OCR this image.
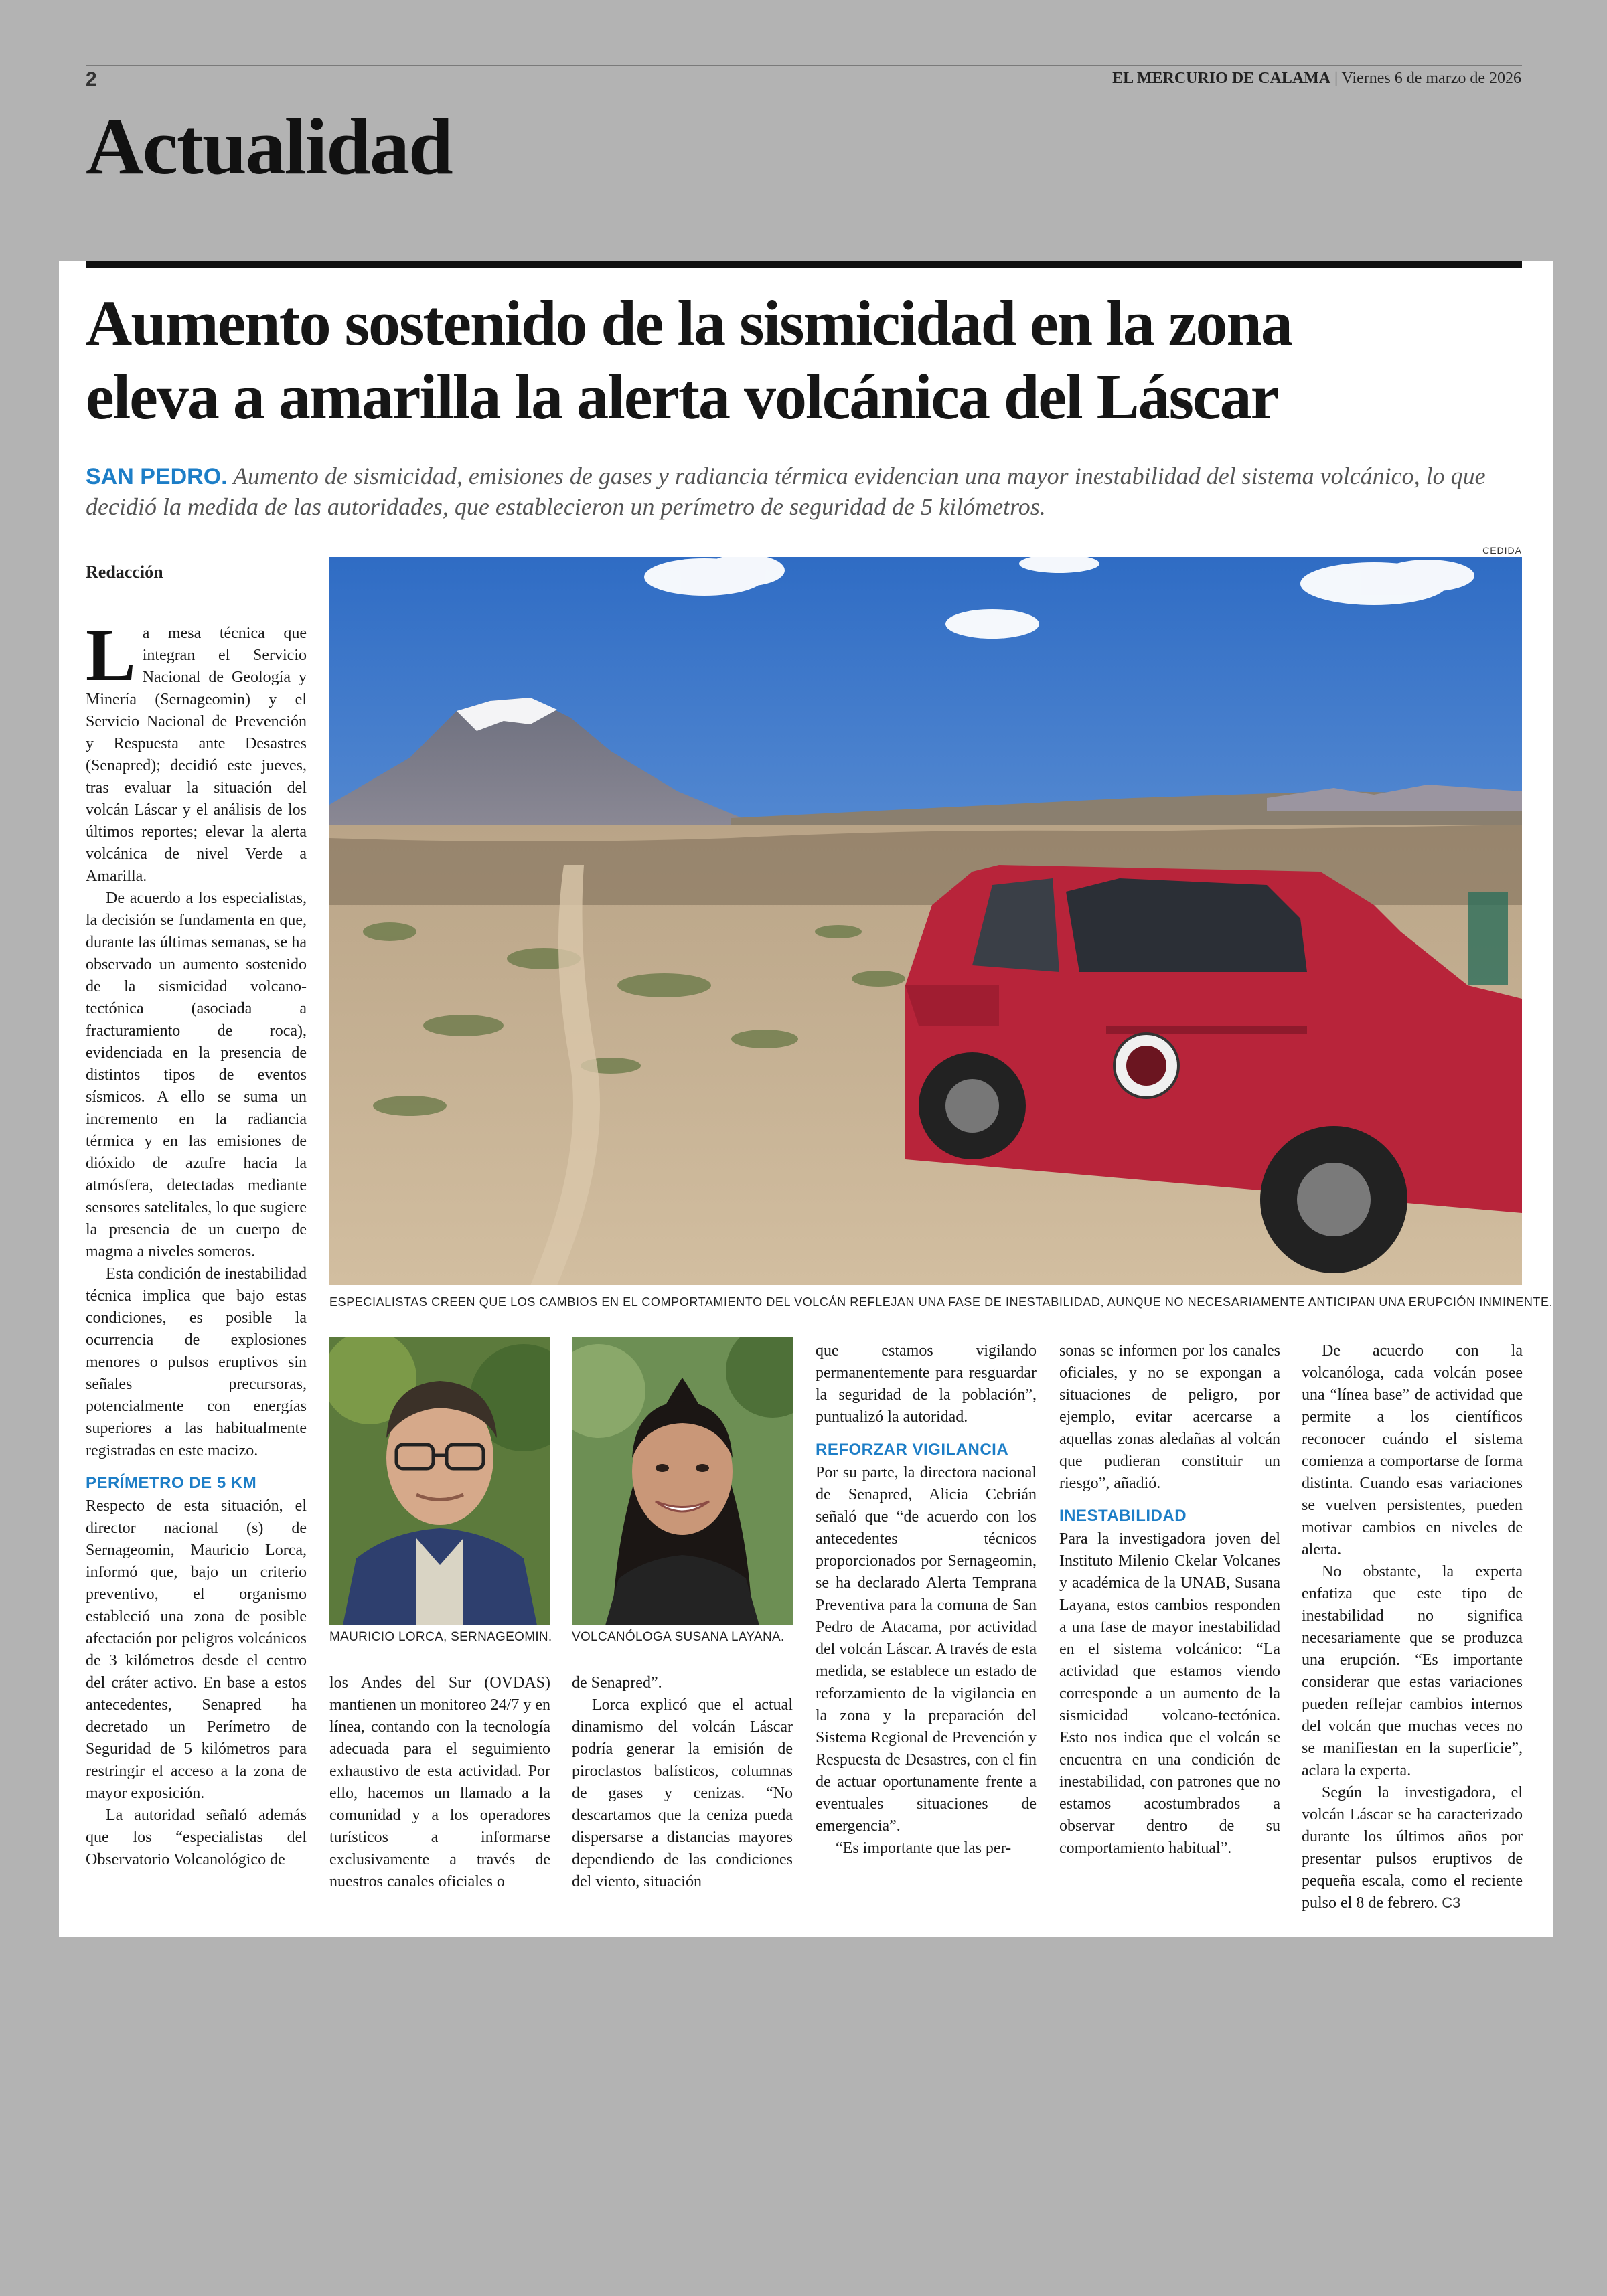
2	EL MERCURIO DE CALAMA | Viernes 6 de marzo de 2026
Actualidad
Aumento sostenido de la sismicidad en la zona
eleva a amarilla la alerta volcánica del Láscar
SAN PEDRO. Aumento de sismicidad, emisiones de gases y radiancia térmica evidencian una mayor inestabilidad del sistema volcánico, lo que decidió la medida de las autoridades, que establecieron un perímetro de seguridad de 5 kilómetros.
Redacción
CEDIDA
ESPECIALISTAS CREEN QUE LOS CAMBIOS EN EL COMPORTAMIENTO DEL VOLCÁN REFLEJAN UNA FASE DE INESTABILIDAD, AUNQUE NO NECESARIAMENTE ANTICIPAN UNA ERUPCIÓN INMINENTE.

La mesa técnica que integran el Servicio Nacional de Geología y Minería (Sernageomin) y el Servicio Nacional de Prevención y Respuesta ante Desastres (Senapred); decidió este jueves, tras evaluar la situación del volcán Láscar y el análisis de los últimos reportes; elevar la alerta volcánica de nivel Verde a Amarilla.

De acuerdo a los especialistas, la decisión se fundamenta en que, durante las últimas semanas, se ha observado un aumento sostenido de la sismicidad volcano-tectónica (asociada a fracturamiento de roca), evidenciada en la presencia de distintos tipos de eventos sísmicos. A ello se suma un incremento en la radiancia térmica y en las emisiones de dióxido de azufre hacia la atmósfera, detectadas mediante sensores satelitales, lo que sugiere la presencia de un cuerpo de magma a niveles someros.

Esta condición de inestabilidad técnica implica que bajo estas condiciones, es posible la ocurrencia de explosiones menores o pulsos eruptivos sin señales precursoras, potencialmente con energías superiores a las habitualmente registradas en este macizo.

PERÍMETRO DE 5 KM

Respecto de esta situación, el director nacional (s) de Sernageomin, Mauricio Lorca, informó que, bajo un criterio preventivo, el organismo estableció una zona de posible afectación por peligros volcánicos de 3 kilómetros desde el centro del cráter activo. En base a estos antecedentes, Senapred ha decretado un Perímetro de Seguridad de 5 kilómetros para restringir el acceso a la zona de mayor exposición.

La autoridad señaló además que los “especialistas del Observatorio Volcanológico de

MAURICIO LORCA, SERNAGEOMIN. VOLCANÓLOGA SUSANA LAYANA.

los Andes del Sur (OVDAS) mantienen un monitoreo 24/7 y en línea, contando con la tecnología adecuada para el seguimiento exhaustivo de esta actividad. Por ello, hacemos un llamado a la comunidad y a los operadores turísticos a informarse exclusivamente a través de nuestros canales oficiales o

de Senapred”.

Lorca explicó que el actual dinamismo del volcán Láscar podría generar la emisión de piroclastos balísticos, columnas de gases y cenizas. “No descartamos que la ceniza pueda dispersarse a distancias mayores dependiendo de las condiciones del viento, situación

que estamos vigilando permanentemente para resguardar la seguridad de la población”, puntualizó la autoridad.

REFORZAR VIGILANCIA

Por su parte, la directora nacional de Senapred, Alicia Cebrián señaló que “de acuerdo con los antecedentes técnicos proporcionados por Sernageomin, se ha declarado Alerta Temprana Preventiva para la comuna de San Pedro de Atacama, por actividad del volcán Láscar. A través de esta medida, se establece un estado de reforzamiento de la vigilancia en la zona y la preparación del Sistema Regional de Prevención y Respuesta de Desastres, con el fin de actuar oportunamente frente a eventuales situaciones de emergencia”.

“Es importante que las per-

sonas se informen por los canales oficiales, y no se expongan a situaciones de peligro, por ejemplo, evitar acercarse a aquellas zonas aledañas al volcán que pudieran constituir un riesgo”, añadió.

INESTABILIDAD

Para la investigadora joven del Instituto Milenio Ckelar Volcanes y académica de la UNAB, Susana Layana, estos cambios responden a una fase de mayor inestabilidad en el sistema volcánico: “La actividad que estamos viendo corresponde a un aumento de la sismicidad volcano-tectónica. Esto nos indica que el volcán se encuentra en una condición de inestabilidad, con patrones que no estamos acostumbrados a observar dentro de su comportamiento habitual”.

De acuerdo con la volcanóloga, cada volcán posee una “línea base” de actividad que permite a los científicos reconocer cuándo el sistema comienza a comportarse de forma distinta. Cuando esas variaciones se vuelven persistentes, pueden motivar cambios en niveles de alerta.

No obstante, la experta enfatiza que este tipo de inestabilidad no significa necesariamente que se produzca una erupción. “Es importante considerar que estas variaciones pueden reflejar cambios internos del volcán que muchas veces no se manifiestan en la superficie”, aclara la experta.

Según la investigadora, el volcán Láscar se ha caracterizado durante los últimos años por presentar pulsos eruptivos de pequeña escala, como el reciente pulso el 8 de febrero. C3
